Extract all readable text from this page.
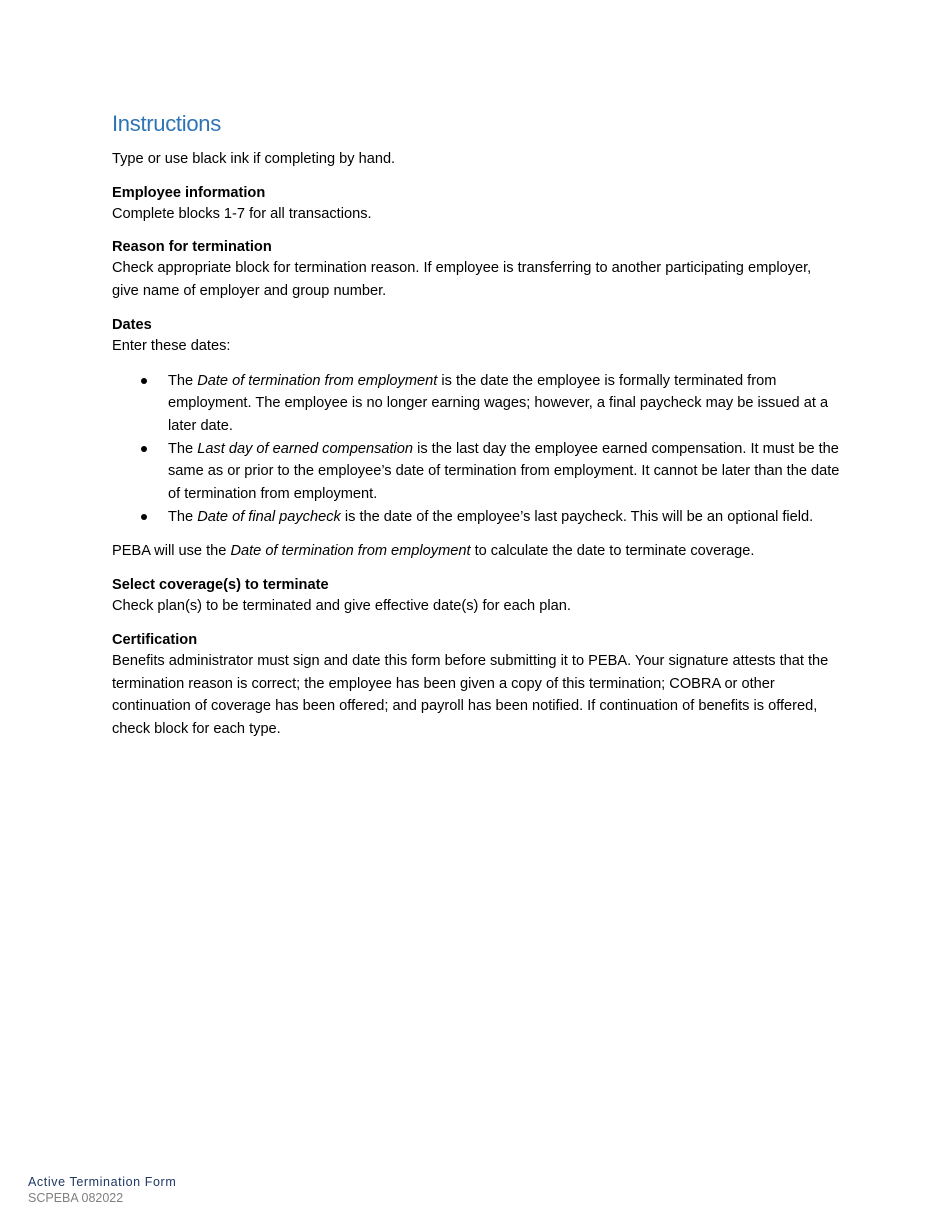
Instructions

Type or use black ink if completing by hand.

Employee information

Complete blocks 1-7 for all transactions.

Reason for termination

Check appropriate block for termination reason. If employee is transferring to another participating employer, give name of employer and group number.

Dates

Enter these dates:

The Date of termination from employment is the date the employee is formally terminated from employment. The employee is no longer earning wages; however, a final paycheck may be issued at a later date.
The Last day of earned compensation is the last day the employee earned compensation. It must be the same as or prior to the employee’s date of termination from employment. It cannot be later than the date of termination from employment.
The Date of final paycheck is the date of the employee’s last paycheck. This will be an optional field.

PEBA will use the Date of termination from employment to calculate the date to terminate coverage.

Select coverage(s) to terminate

Check plan(s) to be terminated and give effective date(s) for each plan.

Certification

Benefits administrator must sign and date this form before submitting it to PEBA. Your signature attests that the termination reason is correct; the employee has been given a copy of this termination; COBRA or other continuation of coverage has been offered; and payroll has been notified. If continuation of benefits is offered, check block for each type.

Active Termination Form
SCPEBA 082022
